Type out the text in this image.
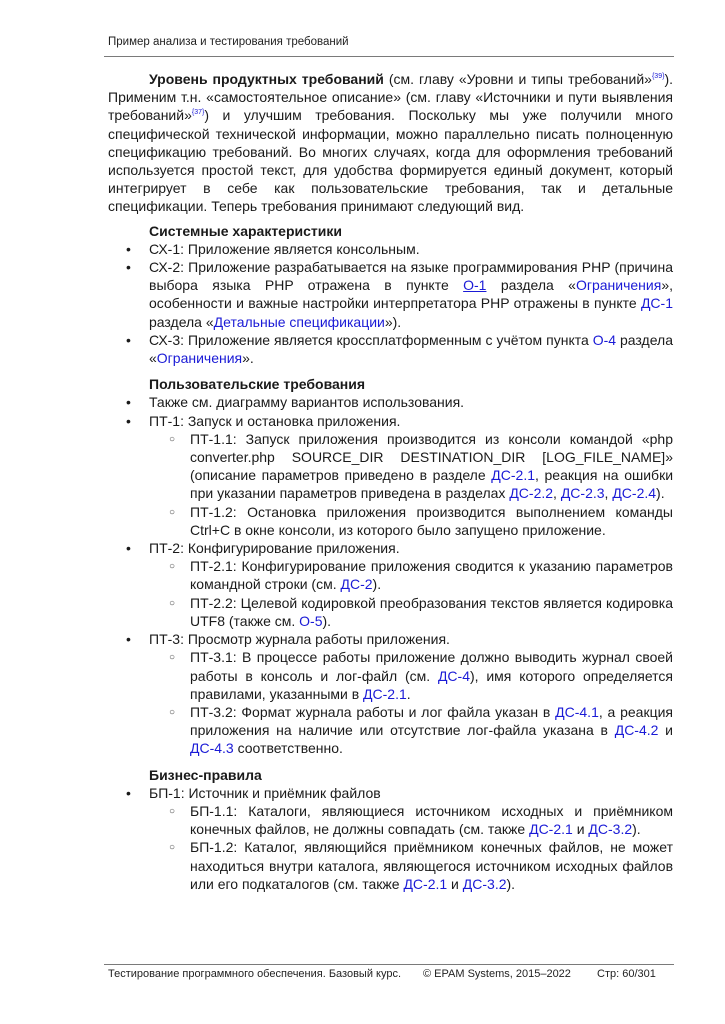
Пример анализа и тестирования требований

Уровень продуктных требований (см. главу «Уровни и типы требований»$^{\{39\}}$). Применим т.н. «самостоятельное описание» (см. главу «Источники и пути выявления требований»$^{\{37\}}$) и улучшим требования. Поскольку мы уже получили много специфической технической информации, можно параллельно писать полноценную спецификацию требований. Во многих случаях, когда для оформления требований используется простой текст, для удобства формируется единый документ, который интегрирует в себе как пользовательские требования, так и детальные спецификации. Теперь требования принимают следующий вид.

Системные характеристики
• СХ-1: Приложение является консольным.
• СХ-2: Приложение разрабатывается на языке программирования PHP (причина выбора языка PHP отражена в пункте О-1 раздела «Ограничения», особенности и важные настройки интерпретатора PHP отражены в пункте ДС-1 раздела «Детальные спецификации»).
• СХ-3: Приложение является кроссплатформенным с учётом пункта О-4 раздела «Ограничения».
Пользовательские требования
• Также см. диаграмму вариантов использования.
• ПТ-1: Запуск и остановка приложения.
○ ПТ-1.1: Запуск приложения производится из консоли командой «php converter.php SOURCE_DIR DESTINATION_DIR [LOG_FILE_NAME]» (описание параметров приведено в разделе ДС-2.1, реакция на ошибки при указании параметров приведена в разделах ДС-2.2, ДС-2.3, ДС-2.4).
○ ПТ-1.2: Остановка приложения производится выполнением команды Ctrl+C в окне консоли, из которого было запущено приложение.
• ПТ-2: Конфигурирование приложения.
○ ПТ-2.1: Конфигурирование приложения сводится к указанию параметров командной строки (см. ДС-2).
○ ПТ-2.2: Целевой кодировкой преобразования текстов является кодировка UTF8 (также см. О-5).
• ПТ-3: Просмотр журнала работы приложения.
○ ПТ-3.1: В процессе работы приложение должно выводить журнал своей работы в консоль и лог-файл (см. ДС-4), имя которого определяется правилами, указанными в ДС-2.1.
○ ПТ-3.2: Формат журнала работы и лог файла указан в ДС-4.1, а реакция приложения на наличие или отсутствие лог-файла указана в ДС-4.2 и ДС-4.3 соответственно.
Бизнес-правила
• БП-1: Источник и приёмник файлов
○ БП-1.1: Каталоги, являющиеся источником исходных и приёмником конечных файлов, не должны совпадать (см. также ДС-2.1 и ДС-3.2).
○ БП-1.2: Каталог, являющийся приёмником конечных файлов, не может находиться внутри каталога, являющегося источником исходных файлов или его подкаталогов (см. также ДС-2.1 и ДС-3.2).
Тестирование программного обеспечения. Базовый курс. © EPAM Systems, 2015–2022 Стр: 60/301
